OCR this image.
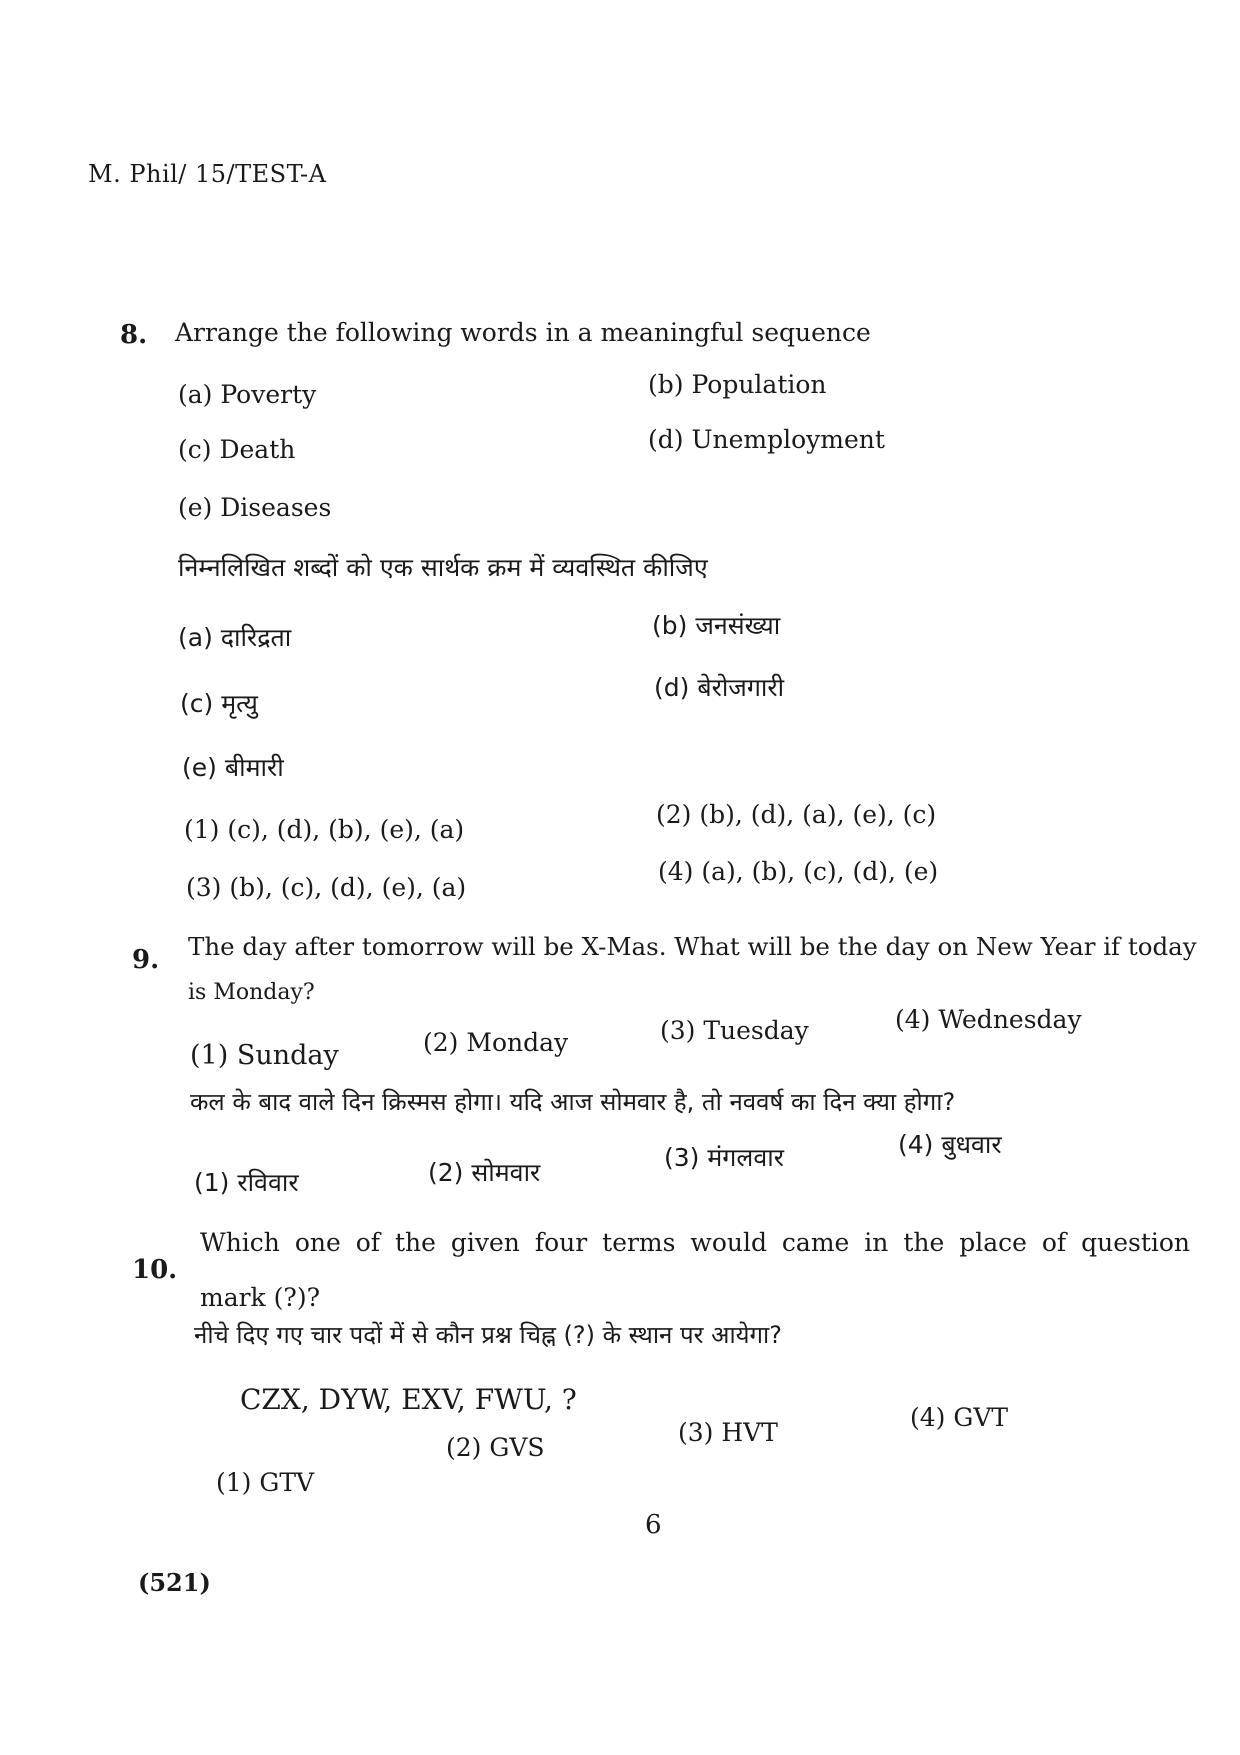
M. Phil/ 15/TEST-A
8. Arrange the following words in a meaningful sequence
(a) Poverty	(b) Population
(c) Death	(d) Unemployment
(e) Diseases
निम्नलिखित शब्दों को एक सार्थक क्रम में व्यवस्थित कीजिए
(a) दारिद्रता	(b) जनसंख्या
(c) मृत्यु
(d) बेरोजगारी
(e) बीमारी
(1) (c), (d), (b), (e), (a)
(2) (b), (d), (a), (e), (c)
(3) (b), (c), (d), (e), (a)
(4) (a), (b), (c), (d), (e)
9. The day after tomorrow will be X-Mas. What will be the day on New Year if today
is Monday?
(1) Sunday	(2) Monday	(3) Tuesday	(4) Wednesday
कल के बाद वाले दिन क्रिस्मस होगा। यदि आज सोमवार है, तो नववर्ष का दिन क्या होगा?
(1) रविवार	(2) सोमवार
(3) मंगलवार	(4) बुधवार
10.
Which one of the given four terms would came in the place of question
mark (?)?
नीचे दिए गए चार पदों में से कौन प्रश्न चिह्न (?) के स्थान पर आयेगा?
CZX, DYW, EXV, FWU, ?
(1) GTV
(2) GVS
(3) HVT
(4) GVT
6
(521)
